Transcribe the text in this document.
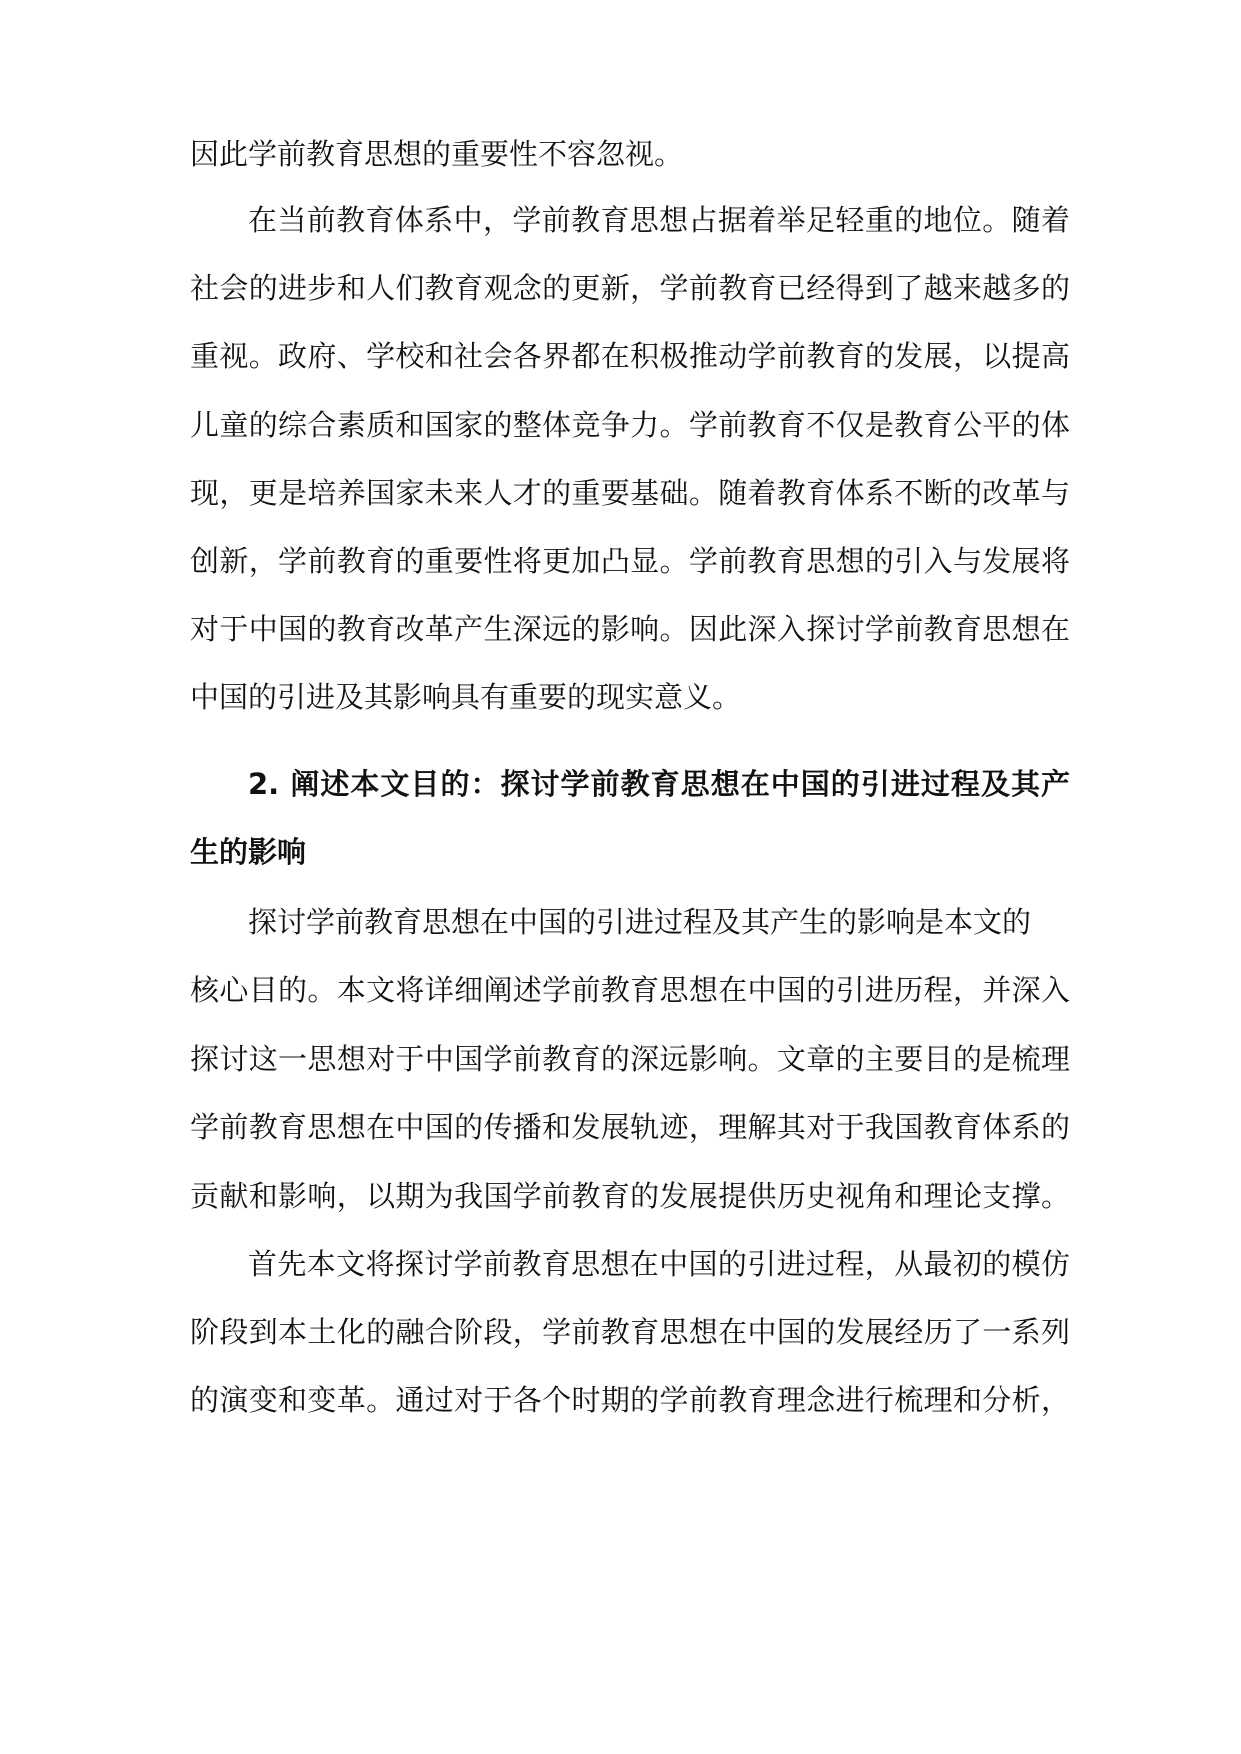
因此学前教育思想的重要性不容忽视。
在当前教育体系中，学前教育思想占据着举足轻重的地位。随着
社会的进步和人们教育观念的更新，学前教育已经得到了越来越多的
重视。政府、学校和社会各界都在积极推动学前教育的发展，以提高
儿童的综合素质和国家的整体竞争力。学前教育不仅是教育公平的体
现，更是培养国家未来人才的重要基础。随着教育体系不断的改革与
创新，学前教育的重要性将更加凸显。学前教育思想的引入与发展将
对于中国的教育改革产生深远的影响。因此深入探讨学前教育思想在
中国的引进及其影响具有重要的现实意义。
2. 阐述本文目的：探讨学前教育思想在中国的引进过程及其产
生的影响
探讨学前教育思想在中国的引进过程及其产生的影响是本文的
核心目的。本文将详细阐述学前教育思想在中国的引进历程，并深入
探讨这一思想对于中国学前教育的深远影响。文章的主要目的是梳理
学前教育思想在中国的传播和发展轨迹，理解其对于我国教育体系的
贡献和影响，以期为我国学前教育的发展提供历史视角和理论支撑。
首先本文将探讨学前教育思想在中国的引进过程，从最初的模仿
阶段到本土化的融合阶段，学前教育思想在中国的发展经历了一系列
的演变和变革。通过对于各个时期的学前教育理念进行梳理和分析，
